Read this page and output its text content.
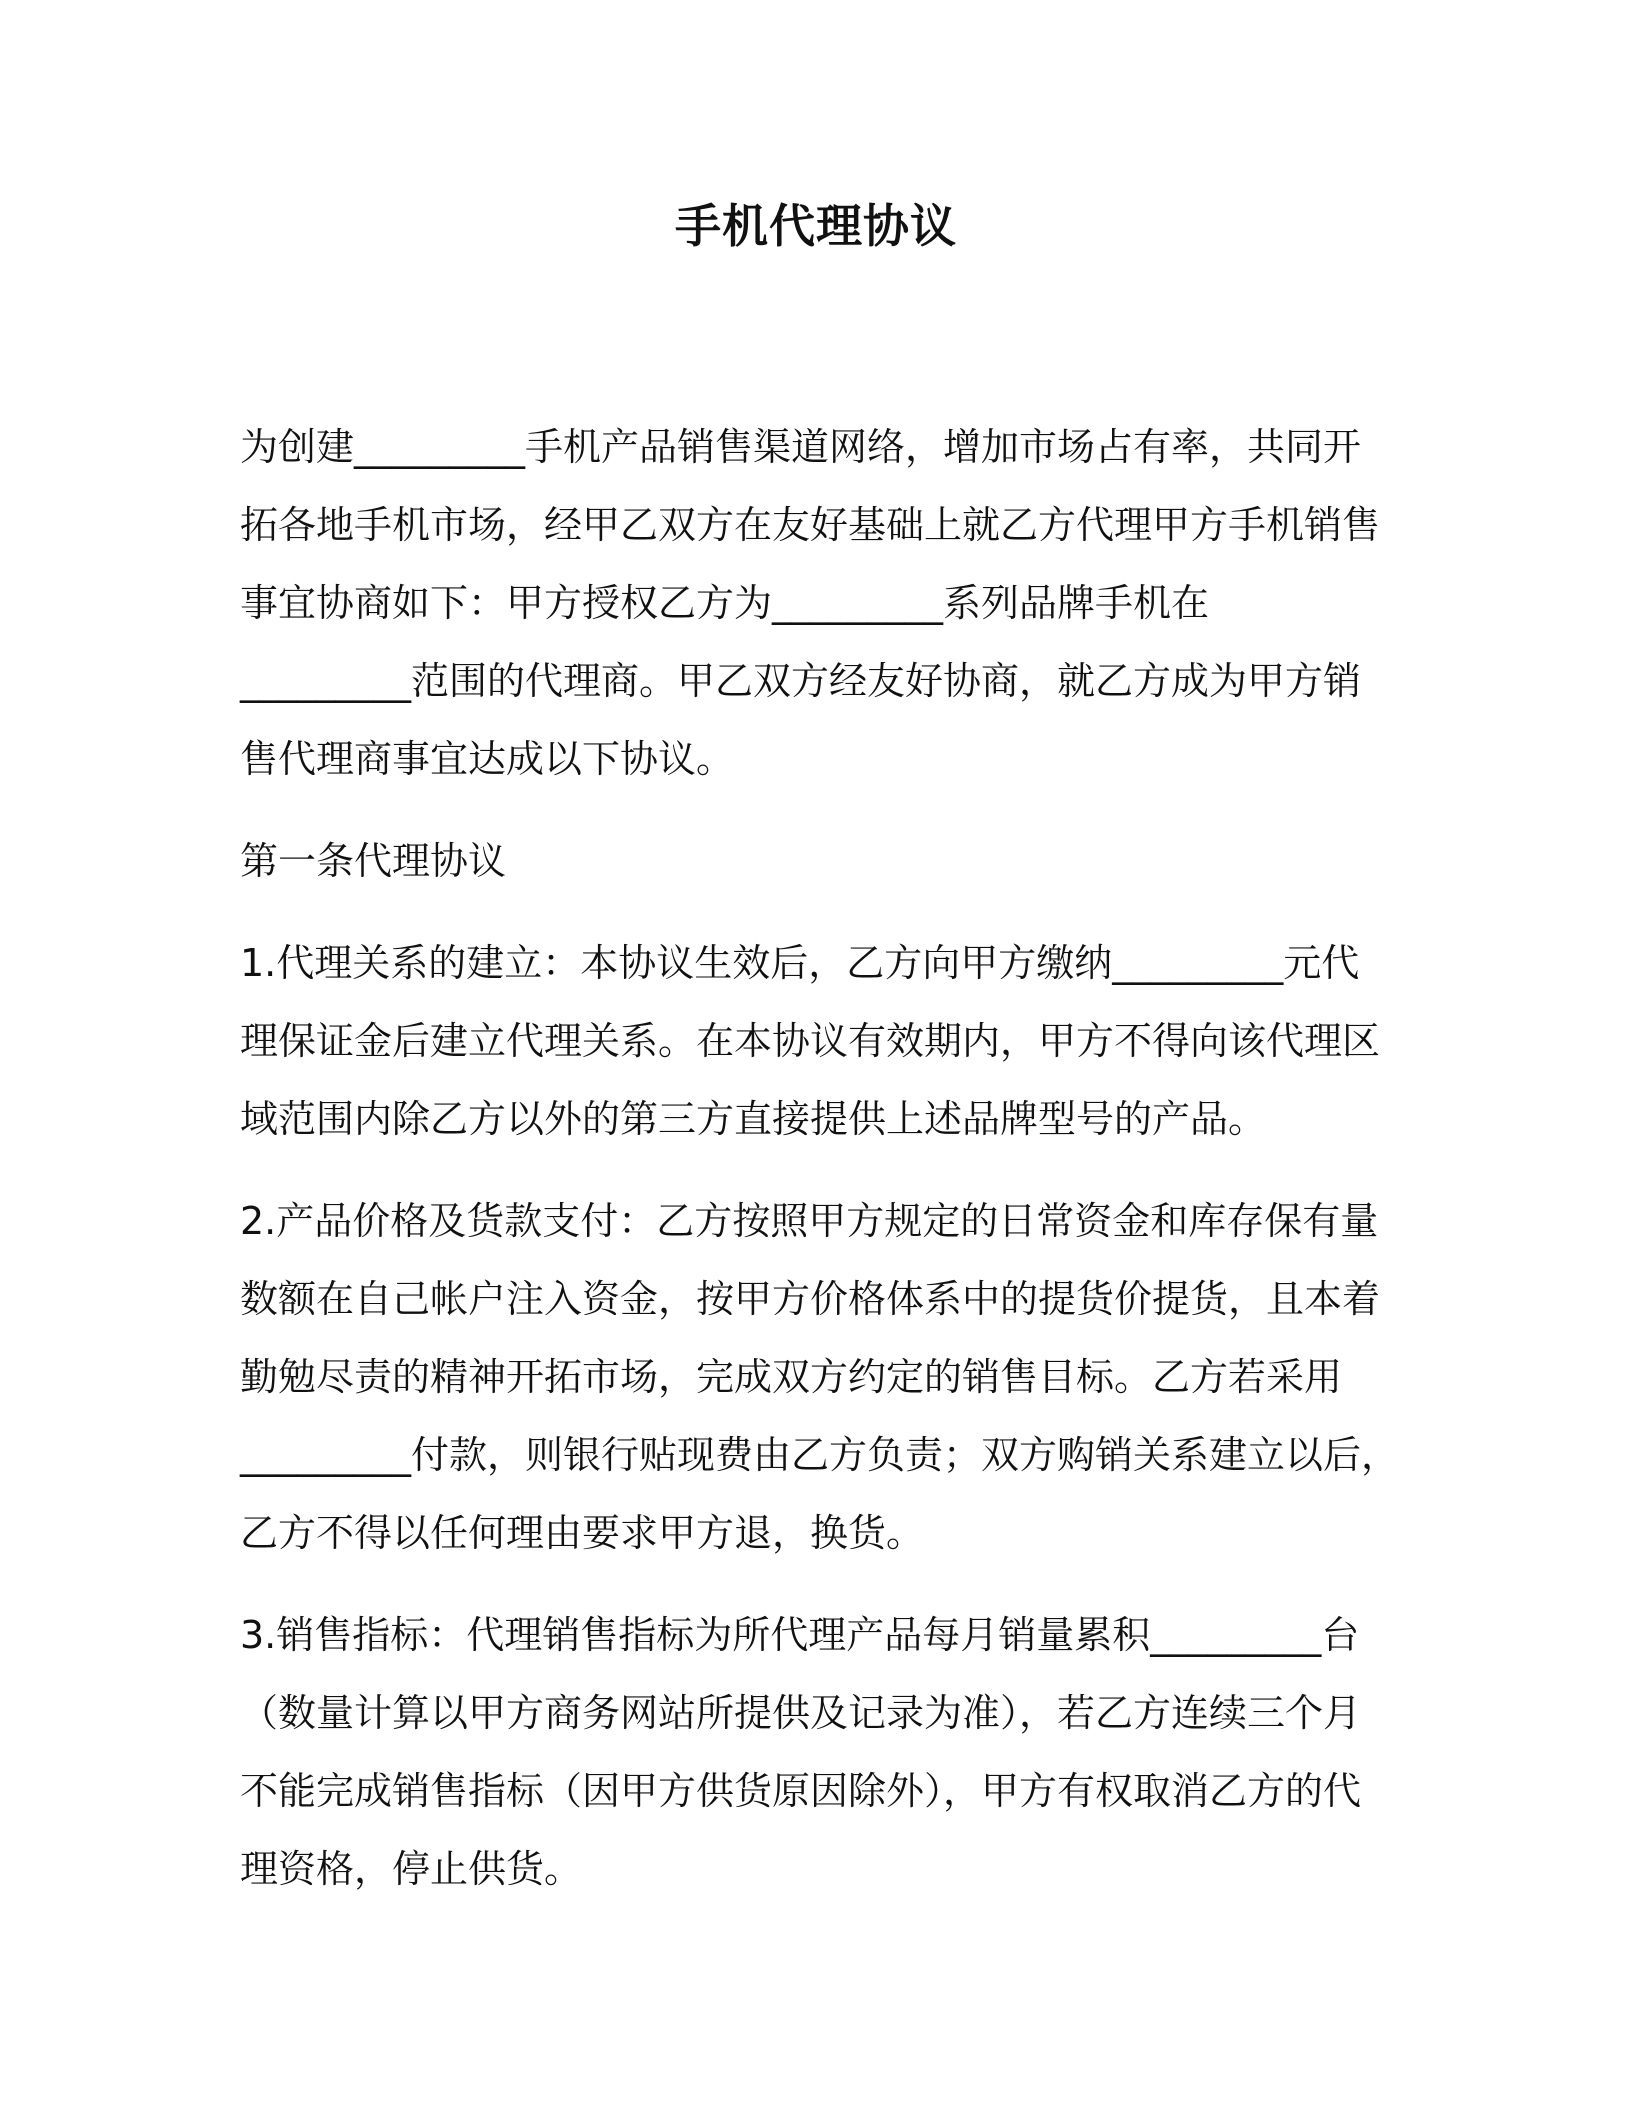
手机代理协议

为创建_________手机产品销售渠道网络，增加市场占有率，共同开
拓各地手机市场，经甲乙双方在友好基础上就乙方代理甲方手机销售
事宜协商如下：甲方授权乙方为_________系列品牌手机在
_________范围的代理商。甲乙双方经友好协商，就乙方成为甲方销
售代理商事宜达成以下协议。

第一条代理协议

1.代理关系的建立：本协议生效后，乙方向甲方缴纳_________元代
理保证金后建立代理关系。在本协议有效期内，甲方不得向该代理区
域范围内除乙方以外的第三方直接提供上述品牌型号的产品。

2.产品价格及货款支付：乙方按照甲方规定的日常资金和库存保有量
数额在自己帐户注入资金，按甲方价格体系中的提货价提货，且本着
勤勉尽责的精神开拓市场，完成双方约定的销售目标。乙方若采用
_________付款，则银行贴现费由乙方负责；双方购销关系建立以后，
乙方不得以任何理由要求甲方退，换货。

3.销售指标：代理销售指标为所代理产品每月销量累积_________台
（数量计算以甲方商务网站所提供及记录为准），若乙方连续三个月
不能完成销售指标（因甲方供货原因除外），甲方有权取消乙方的代
理资格，停止供货。
